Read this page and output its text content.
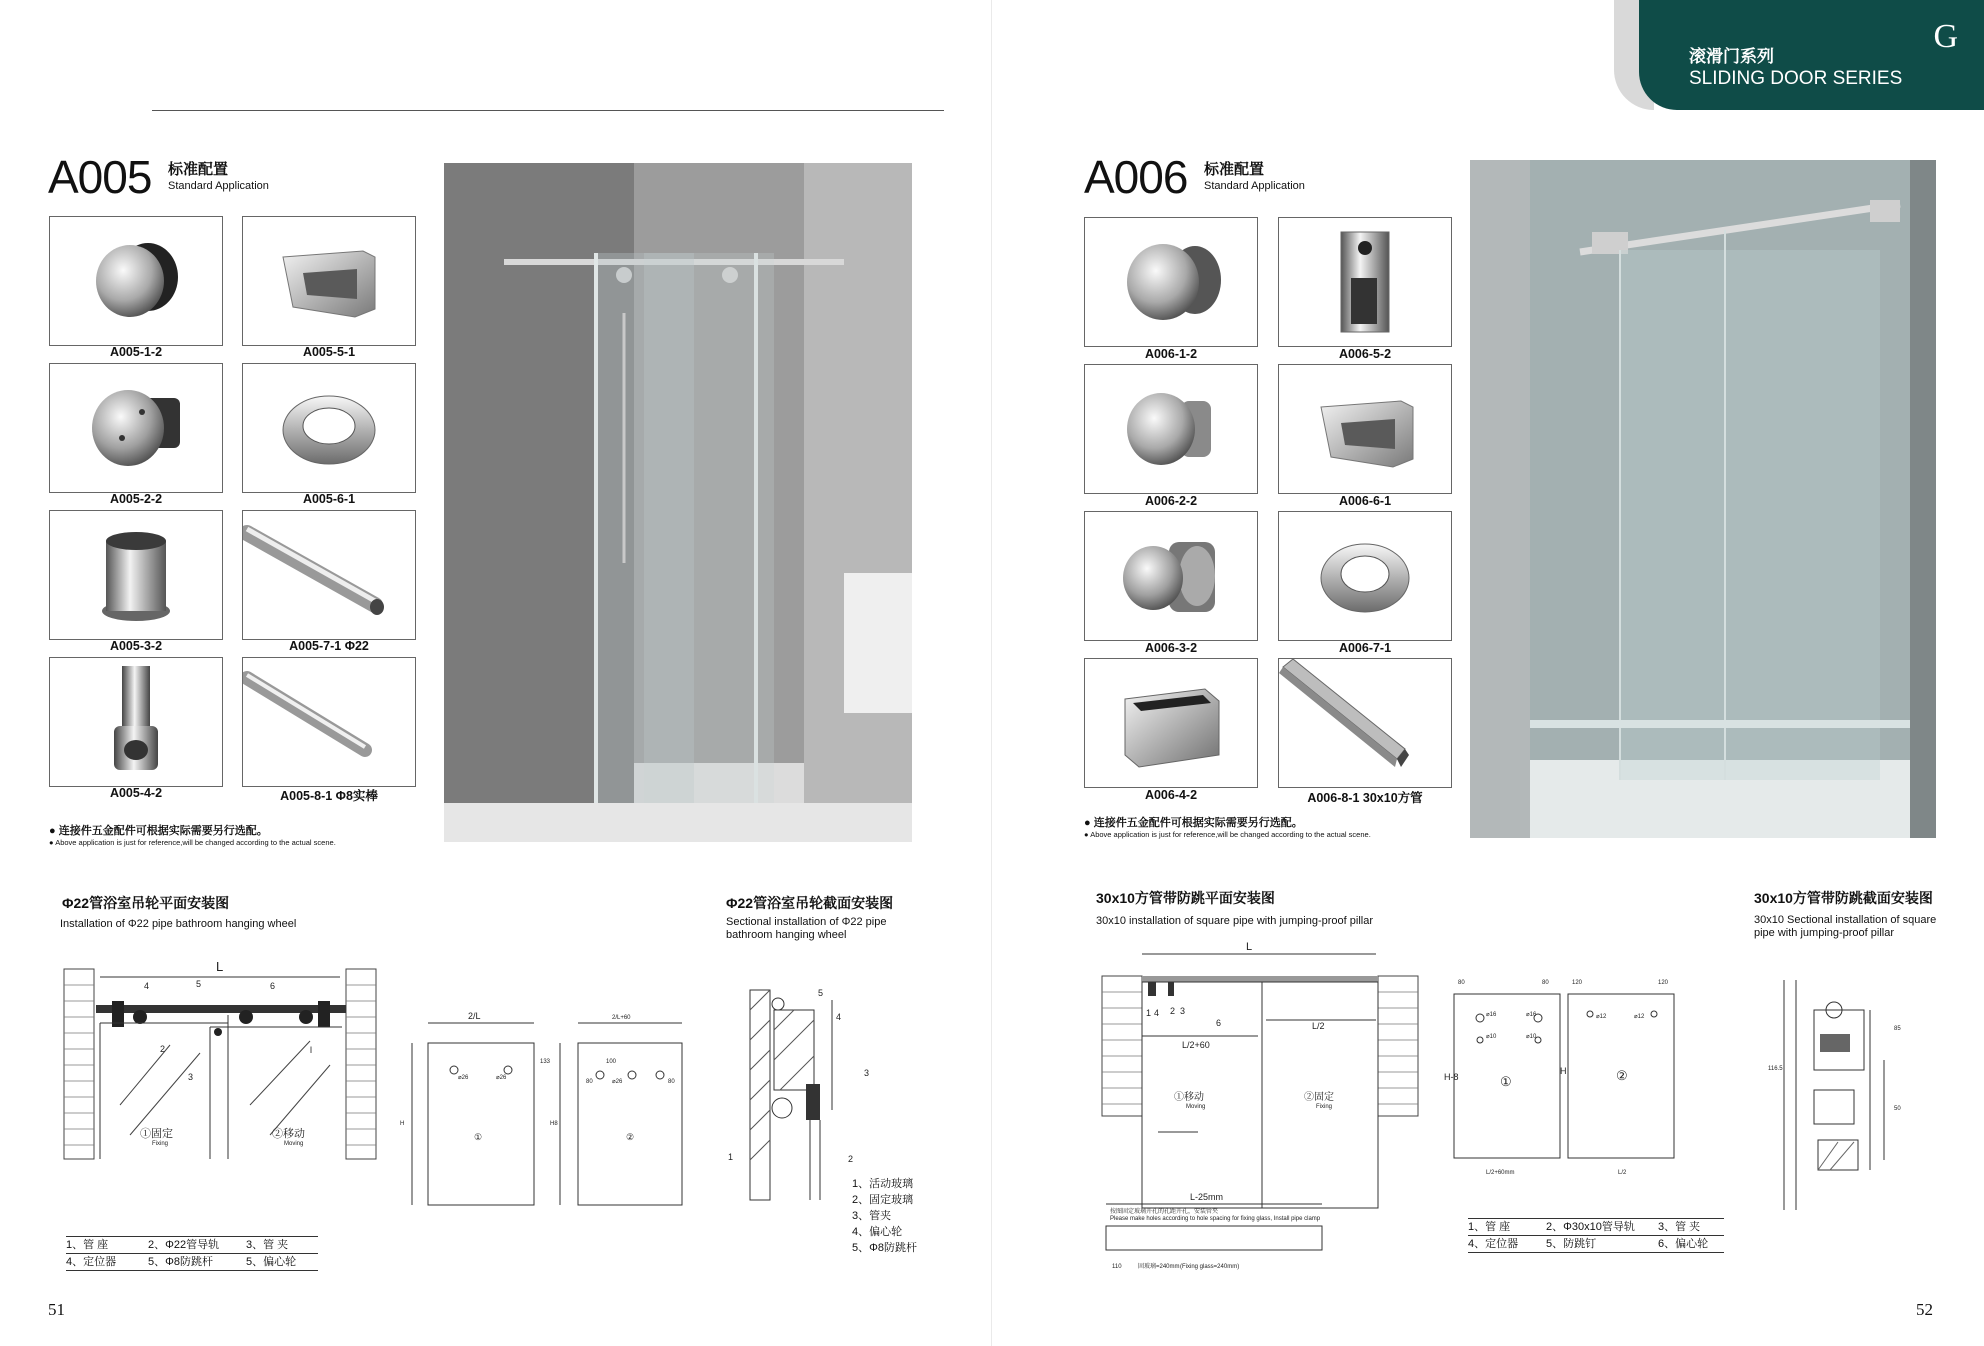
A005 标准配置
Standard Application
A005-1-2	A005-5-1
A005-2-2	A005-6-1
A005-3-2	A005-7-1 Φ22
A005-4-2	A005-8-1 Φ8实棒
● 连接件五金配件可根据实际需要另行选配。
● Above application is just for reference,will be changed according to the actual scene.
Φ22管浴室吊轮平面安装图
Installation of Φ22 pipe bathroom hanging wheel
L
4	5	6
2
3
l
①固定
Fixing
②移动
Moving
2/L
⌀26	⌀26
H
①
2/L+60
⌀26
80	80
100
133
H8
②
1、管 座	2、Φ22管导轨 3、管 夹
4、定位器	5、Φ8防跳杆	5、偏心轮
Φ22管浴室吊轮截面安装图
Sectional installation of Φ22 pipe bathroom hanging wheel
5
4
3
1	2
1、活动玻璃
2、固定玻璃
3、管夹
4、偏心轮
5、Φ8防跳杆
51
滚滑门系列
SLIDING DOOR SERIES
G
A006 标准配置
Standard Application
A006-1-2	A006-5-2
A006-2-2	A006-6-1
A006-3-2	A006-7-1
A006-4-2	A006-8-1 30x10方管
● 连接件五金配件可根据实际需要另行选配。
● Above application is just for reference,will be changed according to the actual scene.
30x10方管带防跳平面安装图
30x10 installation of square pipe with jumping-proof pillar
L
1 4 2 3
6
L/2+60
L/2
①移动
Moving
②固定
Fixing
L-25mm
按图固定玻璃开孔的孔距开孔，安装管夹
Please make holes according to hole spacing for fixing glass, Install pipe clamp
110	固玻璃=240mm (Fixing glass=240mm)
80	80	120	120
⌀16	⌀16
⌀10	⌀10
⌀12	⌀12
H-8
H
①	②
L/2+60mm	L/2
1、管 座	2、Φ30x10管导轨 3、管 夹
4、定位器	5、防跳钉	6、偏心轮
30x10方管带防跳截面安装图
30x10 Sectional installation of square pipe with jumping-proof pillar
85
116.5
50
52
